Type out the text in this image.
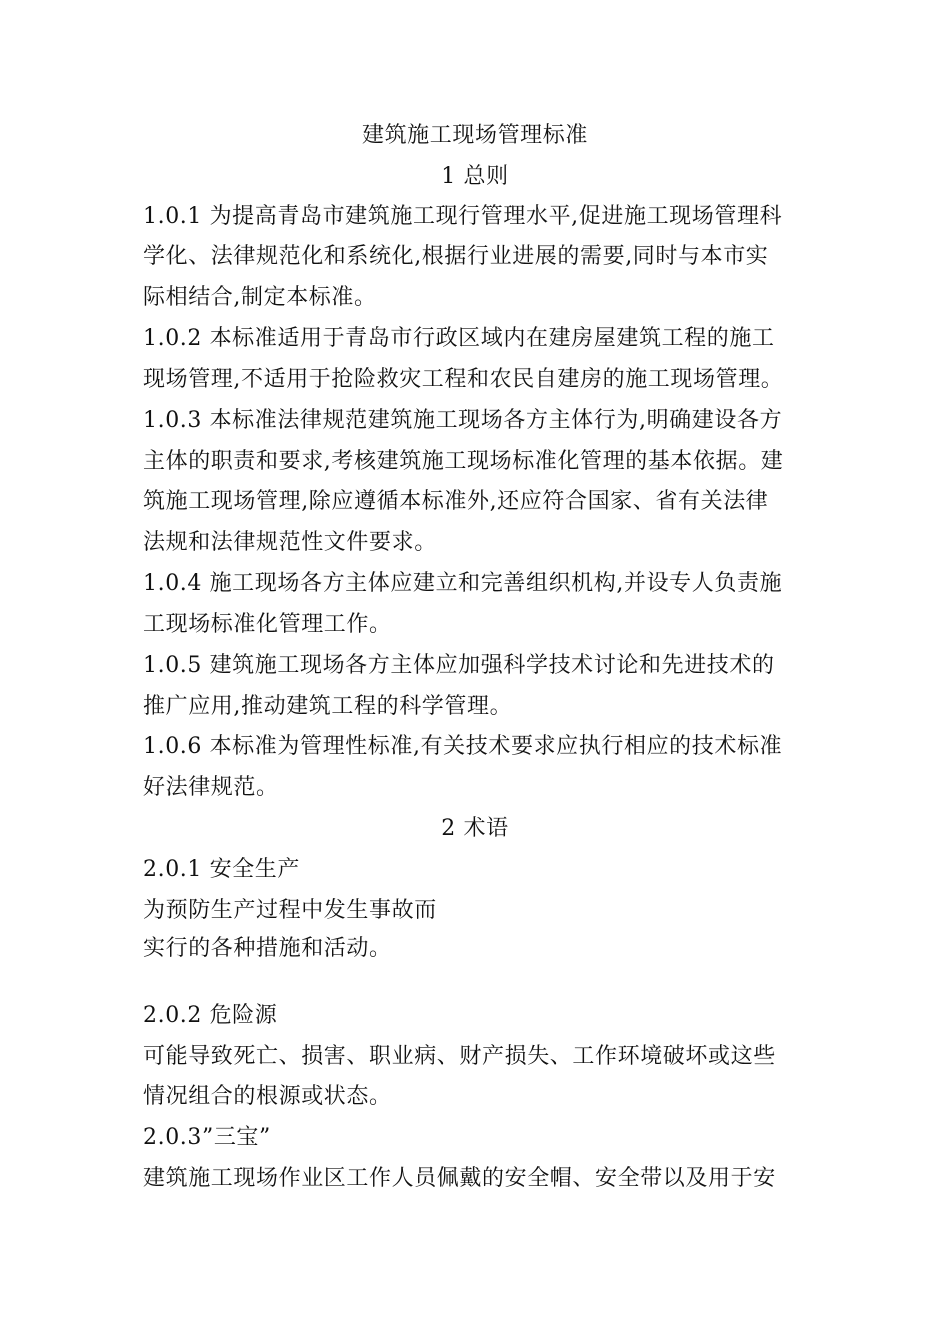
建筑施工现场管理标准
1 总则
1.0.1 为提高青岛市建筑施工现行管理水平,促进施工现场管理科
学化、法律规范化和系统化,根据行业进展的需要,同时与本市实
际相结合,制定本标准。
1.0.2 本标准适用于青岛市行政区域内在建房屋建筑工程的施工
现场管理,不适用于抢险救灾工程和农民自建房的施工现场管理。
1.0.3 本标准法律规范建筑施工现场各方主体行为,明确建设各方
主体的职责和要求,考核建筑施工现场标准化管理的基本依据。建
筑施工现场管理,除应遵循本标准外,还应符合国家、省有关法律
法规和法律规范性文件要求。
1.0.4 施工现场各方主体应建立和完善组织机构,并设专人负责施
工现场标准化管理工作。
1.0.5 建筑施工现场各方主体应加强科学技术讨论和先进技术的
推广应用,推动建筑工程的科学管理。
1.0.6 本标准为管理性标准,有关技术要求应执行相应的技术标准
好法律规范。
2 术语
2.0.1 安全生产
为预防生产过程中发生事故而
实行的各种措施和活动。
2.0.2 危险源
可能导致死亡、损害、职业病、财产损失、工作环境破坏或这些
情况组合的根源或状态。
2.0.3”三宝”
建筑施工现场作业区工作人员佩戴的安全帽、安全带以及用于安
